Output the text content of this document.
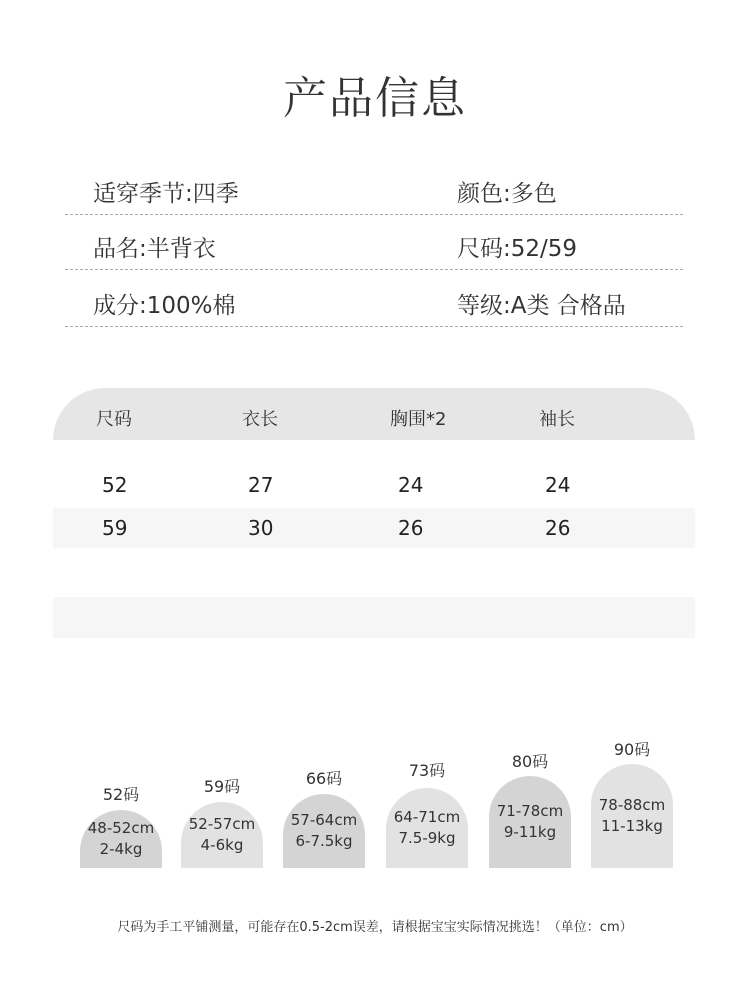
产品信息
适穿季节:四季	颜色:多色
品名:半背衣	尺码:52/59
成分:100%棉	等级:A类 合格品
尺码	衣长	胸围*2	袖长
52	27	24	24
59	30	26	26
52码
48-52cm
2-4kg
59码
52-57cm
4-6kg
66码
57-64cm
6-7.5kg
73码
64-71cm
7.5-9kg
80码
71-78cm
9-11kg
90码
78-88cm
11-13kg
尺码为手工平铺测量，可能存在0.5-2cm误差，请根据宝宝实际情况挑选！（单位：cm）
